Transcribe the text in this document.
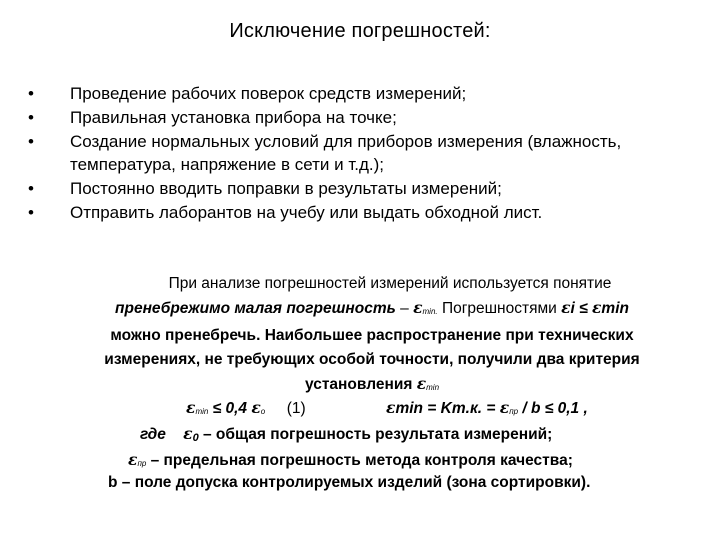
Исключение погрешностей:
• Проведение рабочих поверок средств измерений;
• Правильная установка прибора на точке;
• Создание нормальных условий для приборов измерения (влажность, температура, напряжение в сети и т.д.);
• Постоянно вводить поправки в результаты измерений;
• Отправить лаборантов на учебу или выдать обходной лист.

При анализе погрешностей измерений используется понятие

пренебрежимо малая погрешность – εmin. Погрешностями εi ≤ εmin

можно пренебречь. Наибольшее распространение при технических

измерениях, не требующих особой точности, получили два критерия

установления εmin

εmin ≤ 0,4 εо (1)	εmin = Km.к. = εпр / b ≤ 0,1 ,
где ε0 – общая погрешность результата измерений;
εпр – предельная погрешность метода контроля качества;
b – поле допуска контролируемых изделий (зона сортировки).
